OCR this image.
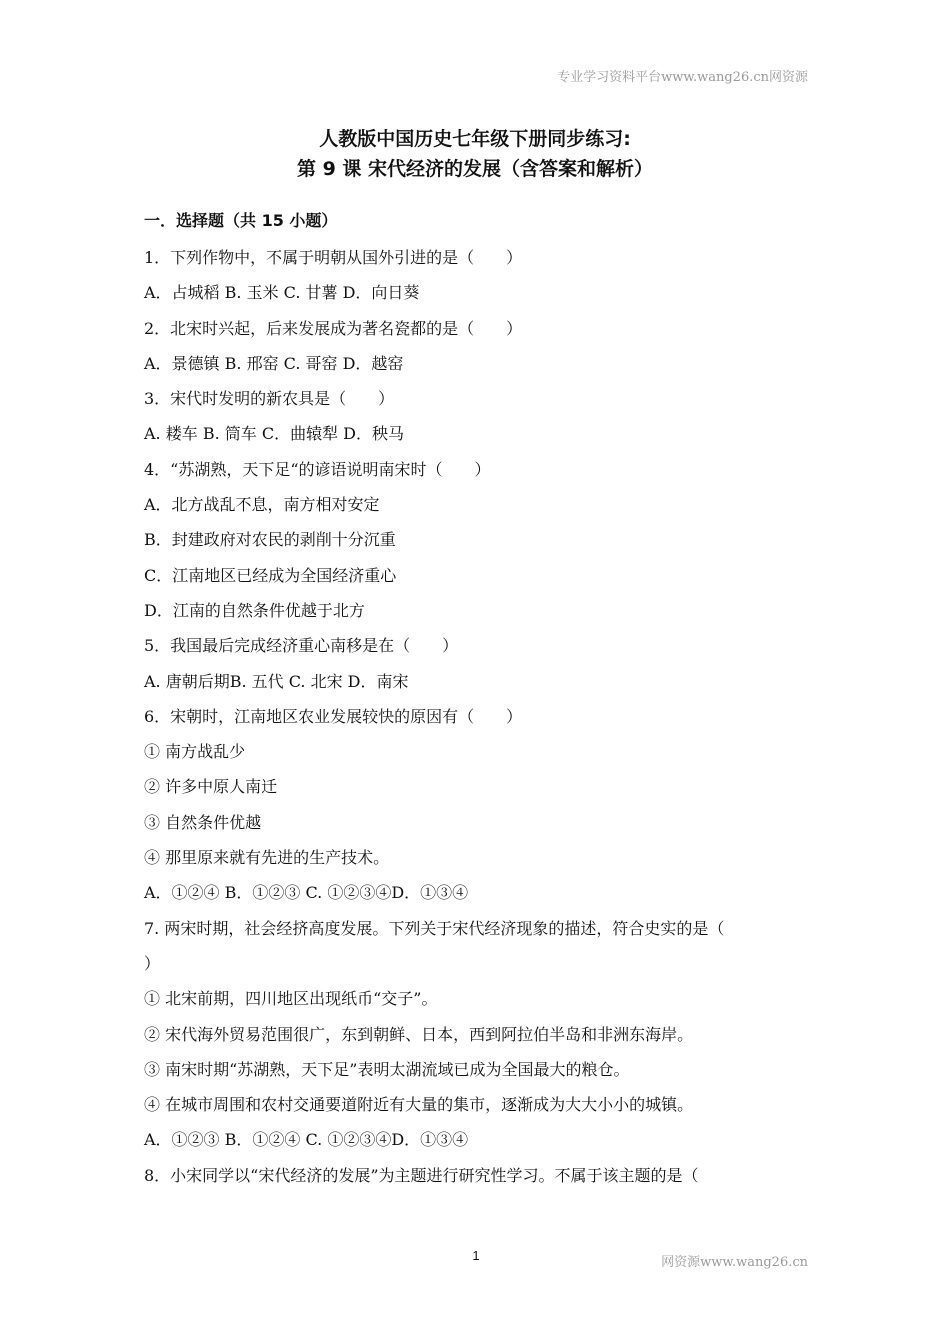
专业学习资料平台www.wang26.cn网资源
人教版中国历史七年级下册同步练习:
第 9 课 宋代经济的发展（含答案和解析）
一．选择题（共 15 小题）
1．下列作物中，不属于明朝从国外引进的是（　　）
A．占城稻 B. 玉米 C. 甘薯 D．向日葵
2．北宋时兴起，后来发展成为著名瓷都的是（　　）
A．景德镇 B. 邢窑 C. 哥窑 D．越窑
3．宋代时发明的新农具是（　　）
A. 耧车 B. 筒车 C．曲辕犁 D．秧马
4．“苏湖熟，天下足“的谚语说明南宋时（　　）
A．北方战乱不息，南方相对安定
B．封建政府对农民的剥削十分沉重
C．江南地区已经成为全国经济重心
D．江南的自然条件优越于北方
5．我国最后完成经济重心南移是在（　　）
A. 唐朝后期B. 五代 C. 北宋 D．南宋
6．宋朝时，江南地区农业发展较快的原因有（　　）
① 南方战乱少
② 许多中原人南迁
③ 自然条件优越
④ 那里原来就有先进的生产技术。
A．①②④ B．①②③ C. ①②③④D．①③④
7. 两宋时期，社会经挤高度发展。下列关于宋代经济现象的描述，符合史实的是（
）
① 北宋前期，四川地区出现纸币“交子”。
② 宋代海外贸易范围很广，东到朝鲜、日本，西到阿拉伯半岛和非洲东海岸。
③ 南宋时期“苏湖熟，天下足”表明太湖流域已成为全国最大的粮仓。
④ 在城市周围和农村交通要道附近有大量的集市，逐渐成为大大小小的城镇。
A．①②③ B．①②④ C. ①②③④D．①③④
8．小宋同学以“宋代经济的发展”为主题进行研究性学习。不属于该主题的是（
1	网资源www.wang26.cn
